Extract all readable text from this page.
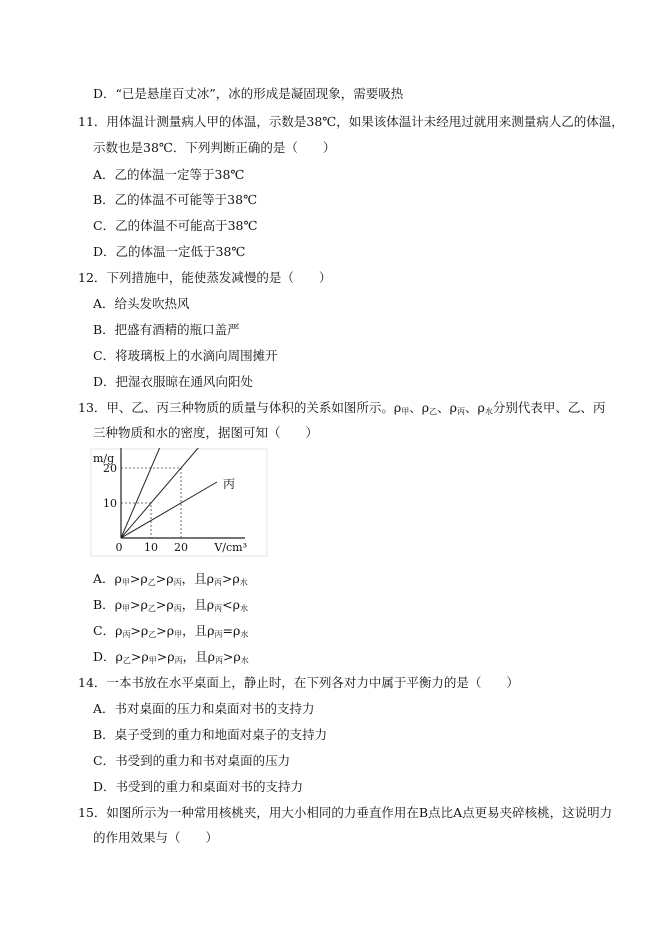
D．“已是悬崖百丈冰”，冰的形成是凝固现象，需要吸热
11．用体温计测量病人甲的体温，示数是38℃，如果该体温计未经甩过就用来测量病人乙的体温，
示数也是38℃．下列判断正确的是（　　）
A．乙的体温一定等于38℃
B．乙的体温不可能等于38℃
C．乙的体温不可能高于38℃
D．乙的体温一定低于38℃
12．下列措施中，能使蒸发减慢的是（　　）
A．给头发吹热风
B．把盛有酒精的瓶口盖严
C．将玻璃板上的水滴向周围摊开
D．把湿衣服晾在通风向阳处
13．甲、乙、丙三种物质的质量与体积的关系如图所示。$\rho_甲$、$\rho_乙$、$\rho_丙$、$\rho_水$分别代表甲、乙、丙
三种物质和水的密度，据图可知（　　）
丙
10
20
0 10 20
m/g
V/cm³
A．$\rho_甲>\rho_乙>\rho_丙$，且$\rho_丙>\rho_水$
B．$\rho_甲>\rho_乙>\rho_丙$，且$\rho_丙<\rho_水$
C．$\rho_丙>\rho_乙>\rho_甲$，且$\rho_丙=\rho_水$
D．$\rho_乙>\rho_甲>\rho_丙$，且$\rho_丙>\rho_水$
14．一本书放在水平桌面上，静止时，在下列各对力中属于平衡力的是（　　）
A．书对桌面的压力和桌面对书的支持力
B．桌子受到的重力和地面对桌子的支持力
C．书受到的重力和书对桌面的压力
D．书受到的重力和桌面对书的支持力
15．如图所示为一种常用核桃夹，用大小相同的力垂直作用在B点比A点更易夹碎核桃，这说明力
的作用效果与（　　）
